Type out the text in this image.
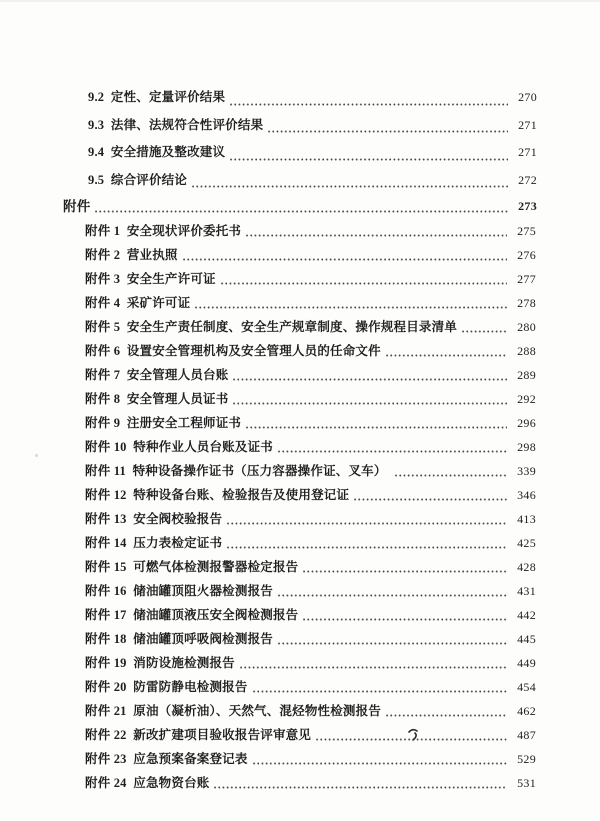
9.2  定性、定量评价结果	270
9.3  法律、法规符合性评价结果	271
9.4  安全措施及整改建议	271
9.5  综合评价结论	272
附件	273
附件 1  安全现状评价委托书	275
附件 2  营业执照	276
附件 3  安全生产许可证	277
附件 4  采矿许可证	278
附件 5  安全生产责任制度、安全生产规章制度、操作规程目录清单	280
附件 6  设置安全管理机构及安全管理人员的任命文件	288
附件 7  安全管理人员台账	289
附件 8  安全管理人员证书	292
附件 9  注册安全工程师证书	296
附件 10  特种作业人员台账及证书	298
附件 11  特种设备操作证书（压力容器操作证、叉车）	339
附件 12  特种设备台账、检验报告及使用登记证	346
附件 13  安全阀校验报告	413
附件 14  压力表检定证书	425
附件 15  可燃气体检测报警器检定报告	428
附件 16  储油罐顶阻火器检测报告	431
附件 17  储油罐顶液压安全阀检测报告	442
附件 18  储油罐顶呼吸阀检测报告	445
附件 19  消防设施检测报告	449
附件 20  防雷防静电检测报告	454
附件 21  原油（凝析油）、天然气、混烃物性检测报告	462
附件 22  新改扩建项目验收报告评审意见	487
附件 23  应急预案备案登记表	529
附件 24  应急物资台账	531
